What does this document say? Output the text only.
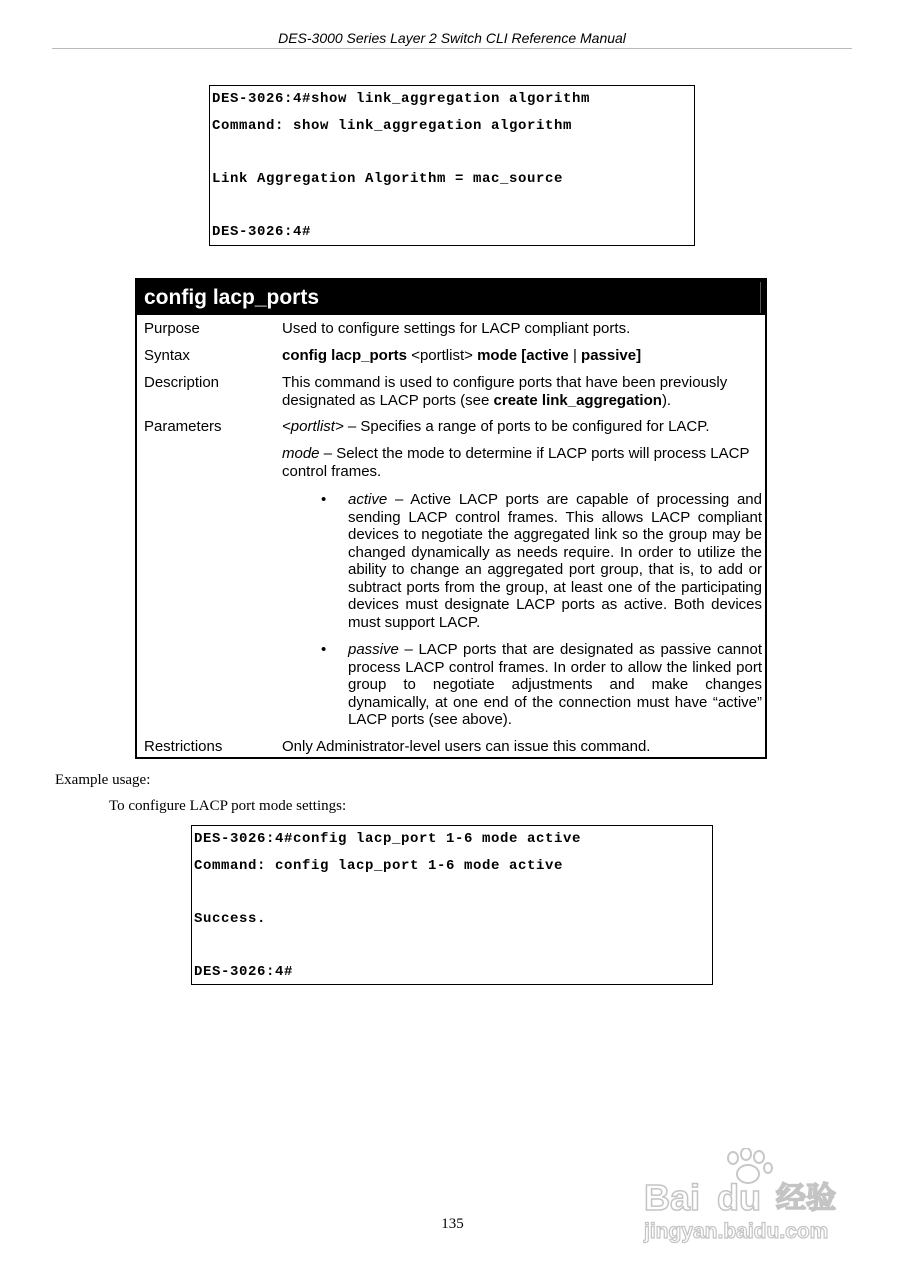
DES-3000 Series Layer 2 Switch CLI Reference Manual
DES-3026:4#show link_aggregation algorithm
Command: show link_aggregation algorithm
Link Aggregation Algorithm = mac_source
DES-3026:4#
config lacp_ports
Purpose	Used to configure settings for LACP compliant ports.
Syntax	config lacp_ports <portlist> mode [active | passive]
Description	This command is used to configure ports that have been previously designated as LACP ports (see create link_aggregation).
Parameters	<portlist> – Specifies a range of ports to be configured for LACP.
mode – Select the mode to determine if LACP ports will process LACP control frames.
• active – Active LACP ports are capable of processing and sending LACP control frames. This allows LACP compliant devices to negotiate the aggregated link so the group may be changed dynamically as needs require. In order to utilize the ability to change an aggregated port group, that is, to add or subtract ports from the group, at least one of the participating devices must designate LACP ports as active. Both devices must support LACP.
• passive – LACP ports that are designated as passive cannot process LACP control frames. In order to allow the linked port group to negotiate adjustments and make changes dynamically, at one end of the connection must have “active” LACP ports (see above).
Restrictions	Only Administrator-level users can issue this command.
Example usage:
To configure LACP port mode settings:
DES-3026:4#config lacp_port 1-6 mode active
Command: config lacp_port 1-6 mode active
Success.
DES-3026:4#
135
Bai du 经验
jingyan.baidu.com
